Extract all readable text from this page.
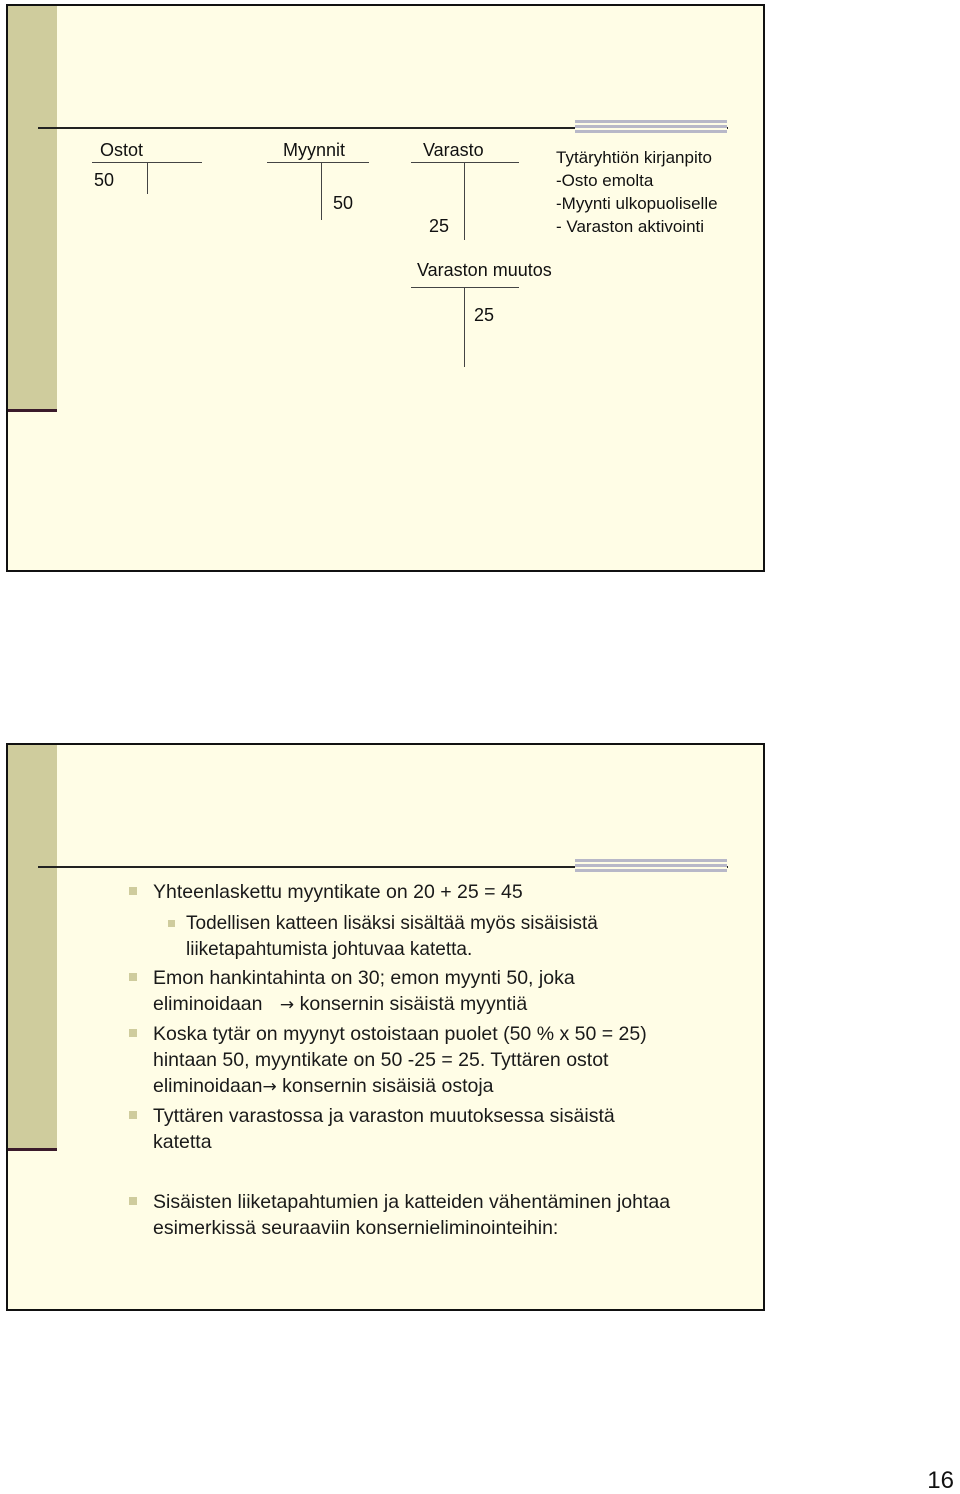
Ostot
50
Myynnit
50
Varasto
25
Varaston muutos
25
Tytäryhtiön kirjanpito
-Osto emolta
-Myynti ulkopuoliselle
- Varaston aktivointi
Yhteenlaskettu myyntikate on 20 + 25 = 45
Todellisen katteen lisäksi sisältää myös sisäisistä
liiketapahtumista johtuvaa katetta.
Emon hankintahinta on 30; emon myynti 50, joka
eliminoidaan → konsernin sisäistä myyntiä
Koska tytär on myynyt ostoistaan puolet (50 % x 50 = 25)
hintaan 50, myyntikate on 50 -25 = 25. Tyttären ostot
eliminoidaan→ konsernin sisäisiä ostoja
Tyttären varastossa ja varaston muutoksessa sisäistä
katetta
Sisäisten liiketapahtumien ja katteiden vähentäminen johtaa
esimerkissä seuraaviin konsernieliminointeihin:
16
